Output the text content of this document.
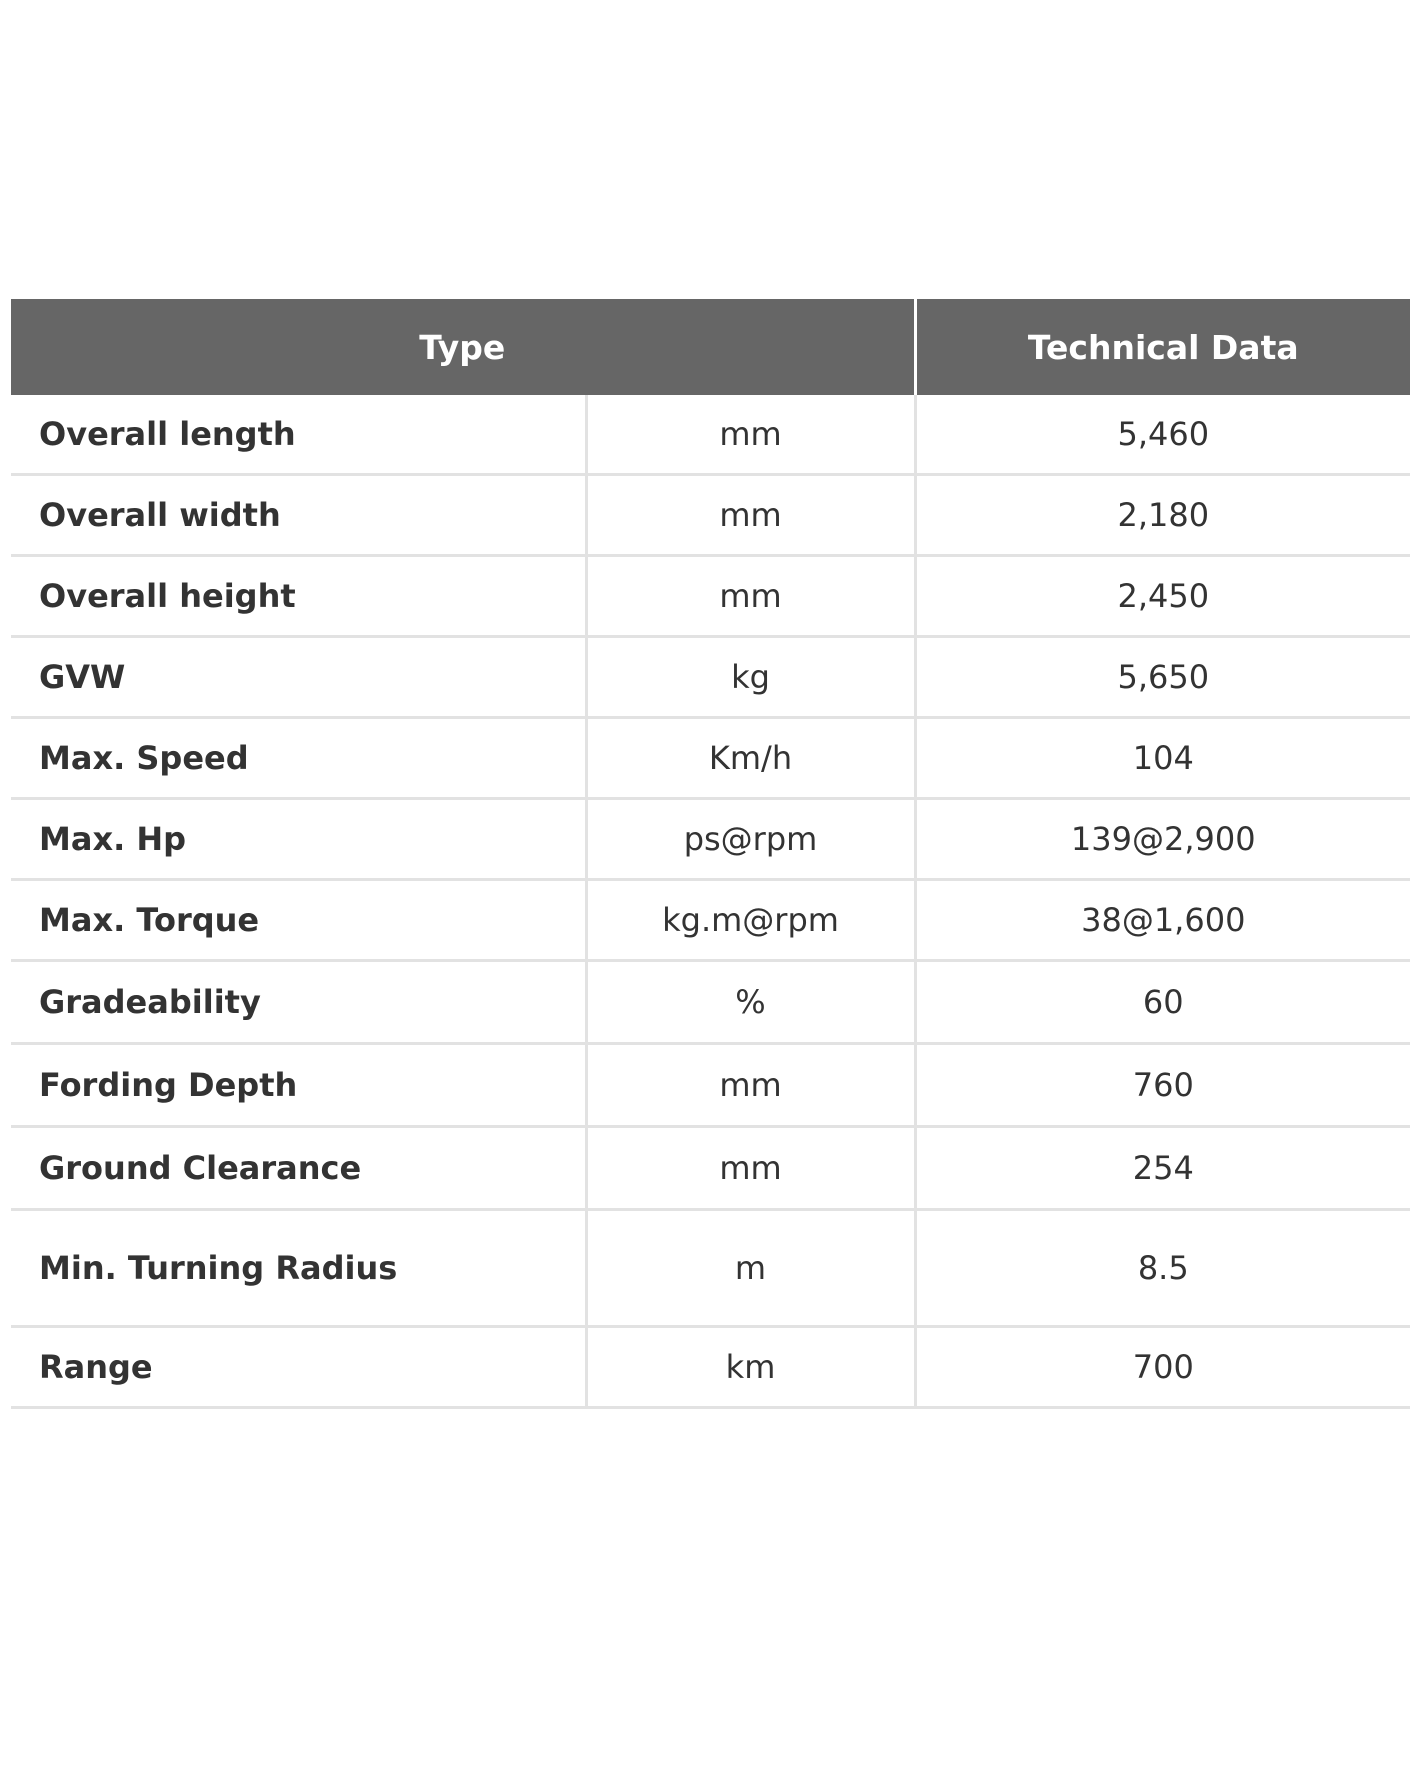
Type		Technical Data
Overall length	mm	5,460
Overall width	mm	2,180
Overall height	mm	2,450
GVW	kg	5,650
Max. Speed	Km/h	104
Max. Hp	ps@rpm	139@2,900
Max. Torque	kg.m@rpm	38@1,600
Gradeability	%	60
Fording Depth	mm	760
Ground Clearance	mm	254
Min. Turning Radius	m	8.5
Range	km	700
